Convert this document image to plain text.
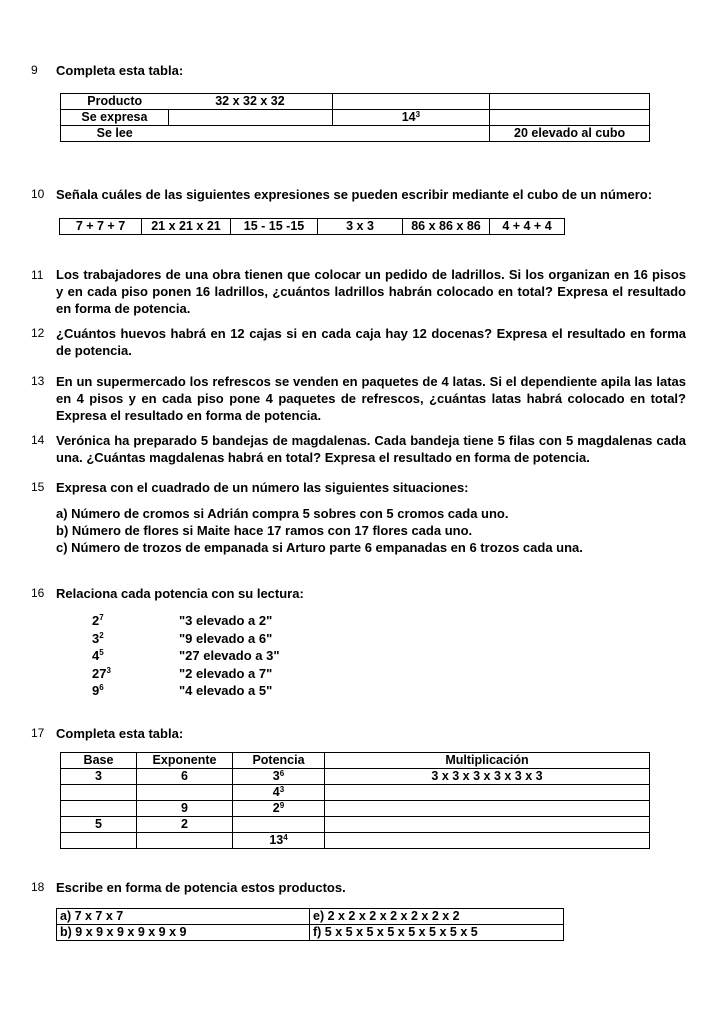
9 Completa esta tabla:
Producto	32 x 32 x 32		
Se expresa		$14^3$	
Se lee			20 elevado al cubo
10 Señala cuáles de las siguientes expresiones se pueden escribir mediante el cubo de un número:
7 + 7 + 7	21 x 21 x 21	15 - 15 -15	3 x 3	86 x 86 x 86	4 + 4 + 4
11 Los trabajadores de una obra tienen que colocar un pedido de ladrillos. Si los organizan en 16 pisos y en cada piso ponen 16 ladrillos, ¿cuántos ladrillos habrán colocado en total? Expresa el resultado en forma de potencia.
12 ¿Cuántos huevos habrá en 12 cajas si en cada caja hay 12 docenas? Expresa el resultado en forma de potencia.
13 En un supermercado los refrescos se venden en paquetes de 4 latas. Si el dependiente apila las latas en 4 pisos y en cada piso pone 4 paquetes de refrescos, ¿cuántas latas habrá colocado en total? Expresa el resultado en forma de potencia.
14 Verónica ha preparado 5 bandejas de magdalenas. Cada bandeja tiene 5 filas con 5 magdalenas cada una. ¿Cuántas magdalenas habrá en total? Expresa el resultado en forma de potencia.
15 Expresa con el cuadrado de un número las siguientes situaciones:
a) Número de cromos si Adrián compra 5 sobres con 5 cromos cada uno.
b) Número de flores si Maite hace 17 ramos con 17 flores cada uno.
c) Número de trozos de empanada si Arturo parte 6 empanadas en 6 trozos cada una.
16 Relaciona cada potencia con su lectura:
$2^7$
$3^2$
$4^5$
$27^3$
$9^6$
"3 elevado a 2"
"9 elevado a 6"
"27 elevado a 3"
"2 elevado a 7"
"4 elevado a 5"
17 Completa esta tabla:
Base	Exponente	Potencia	Multiplicación
3	6	$3^6$	3 x 3 x 3 x 3 x 3 x 3
		$4^3$	
	9	$2^9$	
5	2		
		$13^4$	
18 Escribe en forma de potencia estos productos.
a) 7 x 7 x 7	e) 2 x 2 x 2 x 2 x 2 x 2 x 2
b) 9 x 9 x 9 x 9 x 9 x 9	f) 5 x 5 x 5 x 5 x 5 x 5 x 5 x 5
